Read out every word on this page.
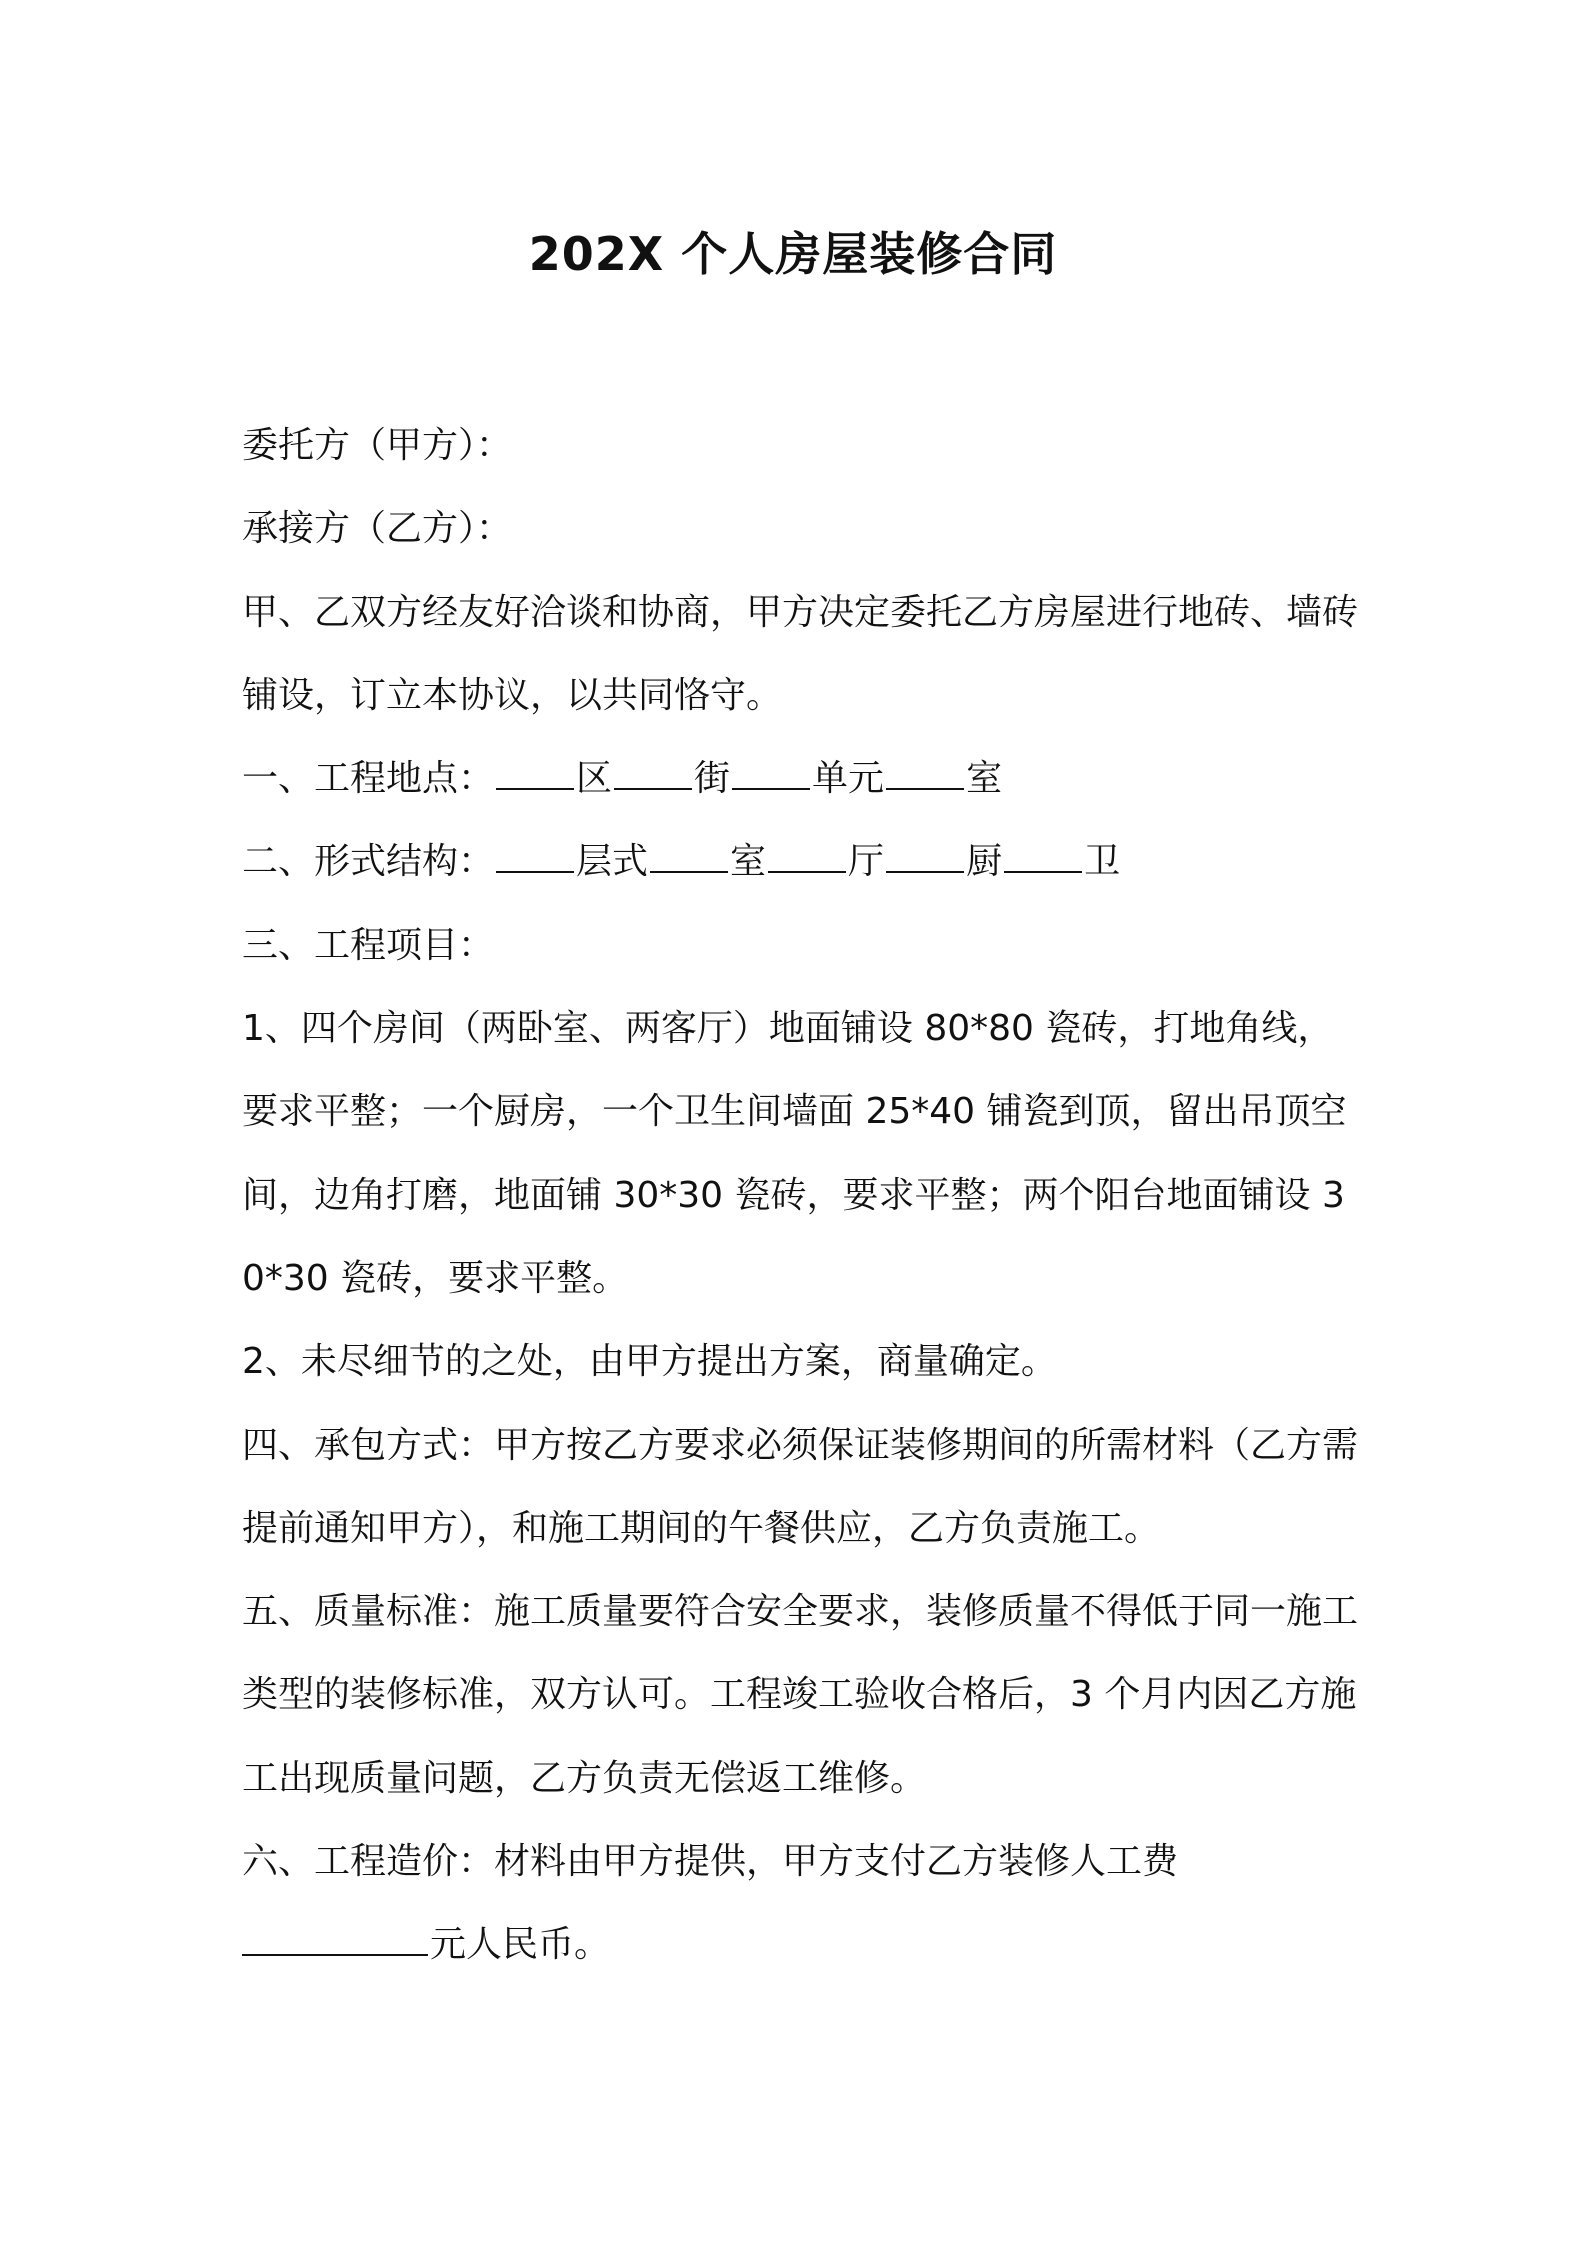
202X 个人房屋装修合同

委托方（甲方）：

承接方（乙方）：

甲、乙双方经友好洽谈和协商，甲方决定委托乙方房屋进行地砖、墙砖铺设，订立本协议，以共同恪守。

一、工程地点： 区 街 单元 室

二、形式结构： 层式 室 厅 厨 卫

三、工程项目：

1、四个房间（两卧室、两客厅）地面铺设 80*80 瓷砖，打地角线，要求平整；一个厨房，一个卫生间墙面 25*40 铺瓷到顶，留出吊顶空间，边角打磨，地面铺 30*30 瓷砖，要求平整；两个阳台地面铺设 30*30 瓷砖，要求平整。

2、未尽细节的之处，由甲方提出方案，商量确定。

四、承包方式：甲方按乙方要求必须保证装修期间的所需材料（乙方需提前通知甲方），和施工期间的午餐供应，乙方负责施工。

五、质量标准：施工质量要符合安全要求，装修质量不得低于同一施工类型的装修标准，双方认可。工程竣工验收合格后，3 个月内因乙方施工出现质量问题，乙方负责无偿返工维修。

六、工程造价：材料由甲方提供，甲方支付乙方装修人工费

元人民币。
